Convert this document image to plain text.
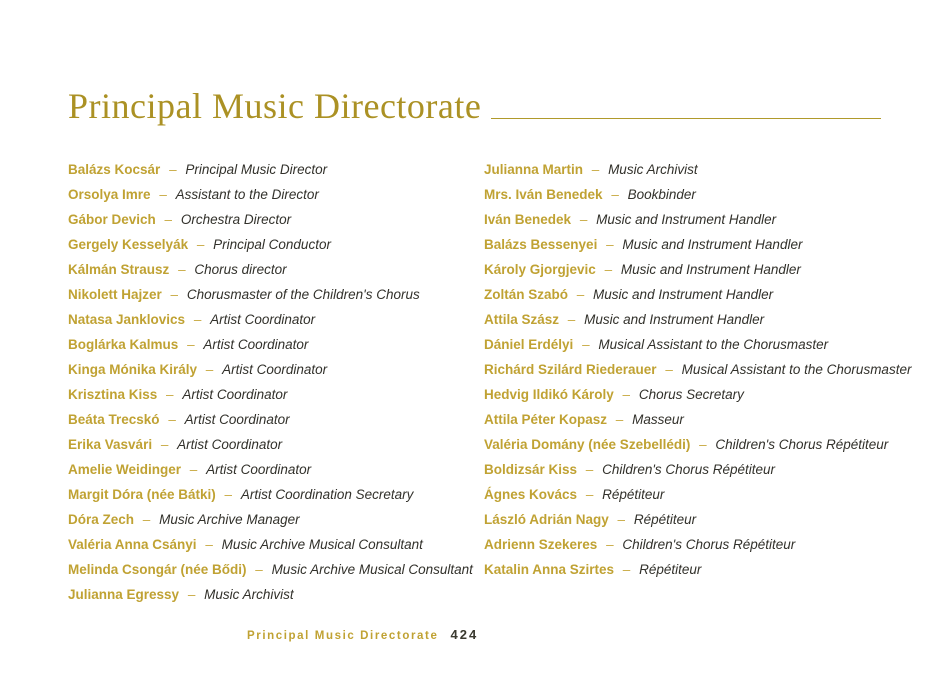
Principal Music Directorate
Balázs Kocsár – Principal Music Director
Orsolya Imre – Assistant to the Director
Gábor Devich – Orchestra Director
Gergely Kesselyák – Principal Conductor
Kálmán Strausz – Chorus director
Nikolett Hajzer – Chorusmaster of the Children's Chorus
Natasa Janklovics – Artist Coordinator
Boglárka Kalmus – Artist Coordinator
Kinga Mónika Király – Artist Coordinator
Krisztina Kiss – Artist Coordinator
Beáta Trecskó – Artist Coordinator
Erika Vasvári – Artist Coordinator
Amelie Weidinger – Artist Coordinator
Margit Dóra (née Bátki) – Artist Coordination Secretary
Dóra Zech – Music Archive Manager
Valéria Anna Csányi – Music Archive Musical Consultant
Melinda Csongár (née Bődi) – Music Archive Musical Consultant
Julianna Egressy – Music Archivist
Julianna Martin – Music Archivist
Mrs. Iván Benedek – Bookbinder
Iván Benedek – Music and Instrument Handler
Balázs Bessenyei – Music and Instrument Handler
Károly Gjorgjevic – Music and Instrument Handler
Zoltán Szabó – Music and Instrument Handler
Attila Szász – Music and Instrument Handler
Dániel Erdélyi – Musical Assistant to the Chorusmaster
Richárd Szilárd Riederauer – Musical Assistant to the Chorusmaster
Hedvig Ildikó Károly – Chorus Secretary
Attila Péter Kopasz – Masseur
Valéria Domány (née Szebellédi) – Children's Chorus Répétiteur
Boldizsár Kiss – Children's Chorus Répétiteur
Ágnes Kovács – Répétiteur
László Adrián Nagy – Répétiteur
Adrienn Szekeres – Children's Chorus Répétiteur
Katalin Anna Szirtes – Répétiteur
Principal Music Directorate 424
